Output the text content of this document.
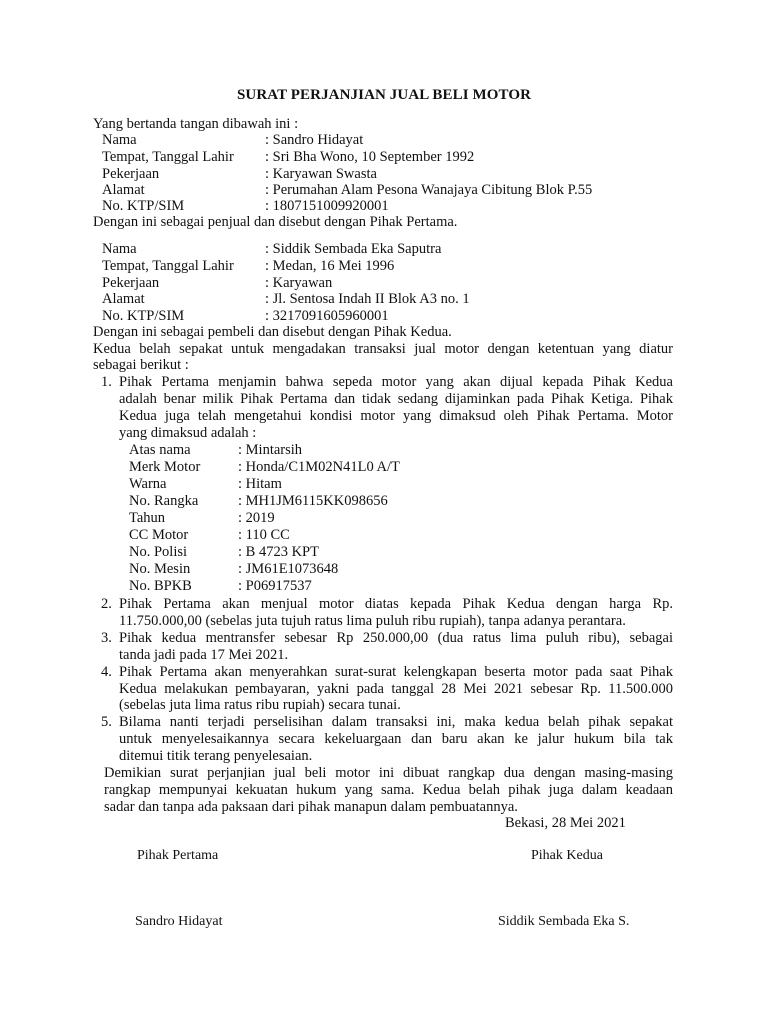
SURAT PERJANJIAN JUAL BELI MOTOR
Yang bertanda tangan dibawah ini :
Nama	: Sandro Hidayat
Tempat, Tanggal Lahir : Sri Bha Wono, 10 September 1992
Pekerjaan	: Karyawan Swasta
Alamat	: Perumahan Alam Pesona Wanajaya Cibitung Blok P.55
No. KTP/SIM	: 1807151009920001
Dengan ini sebagai penjual dan disebut dengan Pihak Pertama.
Nama	: Siddik Sembada Eka Saputra
Tempat, Tanggal Lahir : Medan, 16 Mei 1996
Pekerjaan	: Karyawan
Alamat	: Jl. Sentosa Indah II Blok A3 no. 1
No. KTP/SIM	: 3217091605960001
Dengan ini sebagai pembeli dan disebut dengan Pihak Kedua.
Kedua belah sepakat untuk mengadakan transaksi jual motor dengan ketentuan yang diatur
sebagai berikut :
1. Pihak Pertama menjamin bahwa sepeda motor yang akan dijual kepada Pihak Kedua
adalah benar milik Pihak Pertama dan tidak sedang dijaminkan pada Pihak Ketiga. Pihak
Kedua juga telah mengetahui kondisi motor yang dimaksud oleh Pihak Pertama. Motor
yang dimaksud adalah :
Atas nama	: Mintarsih
Merk Motor	: Honda/C1M02N41L0 A/T
Warna	: Hitam
No. Rangka	: MH1JM6115KK098656
Tahun	: 2019
CC Motor	: 110 CC
No. Polisi	: B 4723 KPT
No. Mesin	: JM61E1073648
No. BPKB	: P06917537
2. Pihak Pertama akan menjual motor diatas kepada Pihak Kedua dengan harga Rp.
11.750.000,00 (sebelas juta tujuh ratus lima puluh ribu rupiah), tanpa adanya perantara.
3. Pihak kedua mentransfer sebesar Rp 250.000,00 (dua ratus lima puluh ribu), sebagai
tanda jadi pada 17 Mei 2021.
4. Pihak Pertama akan menyerahkan surat-surat kelengkapan beserta motor pada saat Pihak
Kedua melakukan pembayaran, yakni pada tanggal 28 Mei 2021 sebesar Rp. 11.500.000
(sebelas juta lima ratus ribu rupiah) secara tunai.
5. Bilama nanti terjadi perselisihan dalam transaksi ini, maka kedua belah pihak sepakat
untuk menyelesaikannya secara kekeluargaan dan baru akan ke jalur hukum bila tak
ditemui titik terang penyelesaian.
Demikian surat perjanjian jual beli motor ini dibuat rangkap dua dengan masing-masing
rangkap mempunyai kekuatan hukum yang sama. Kedua belah pihak juga dalam keadaan
sadar dan tanpa ada paksaan dari pihak manapun dalam pembuatannya.
Bekasi, 28 Mei 2021
Pihak Pertama	Pihak Kedua
Sandro Hidayat	Siddik Sembada Eka S.
